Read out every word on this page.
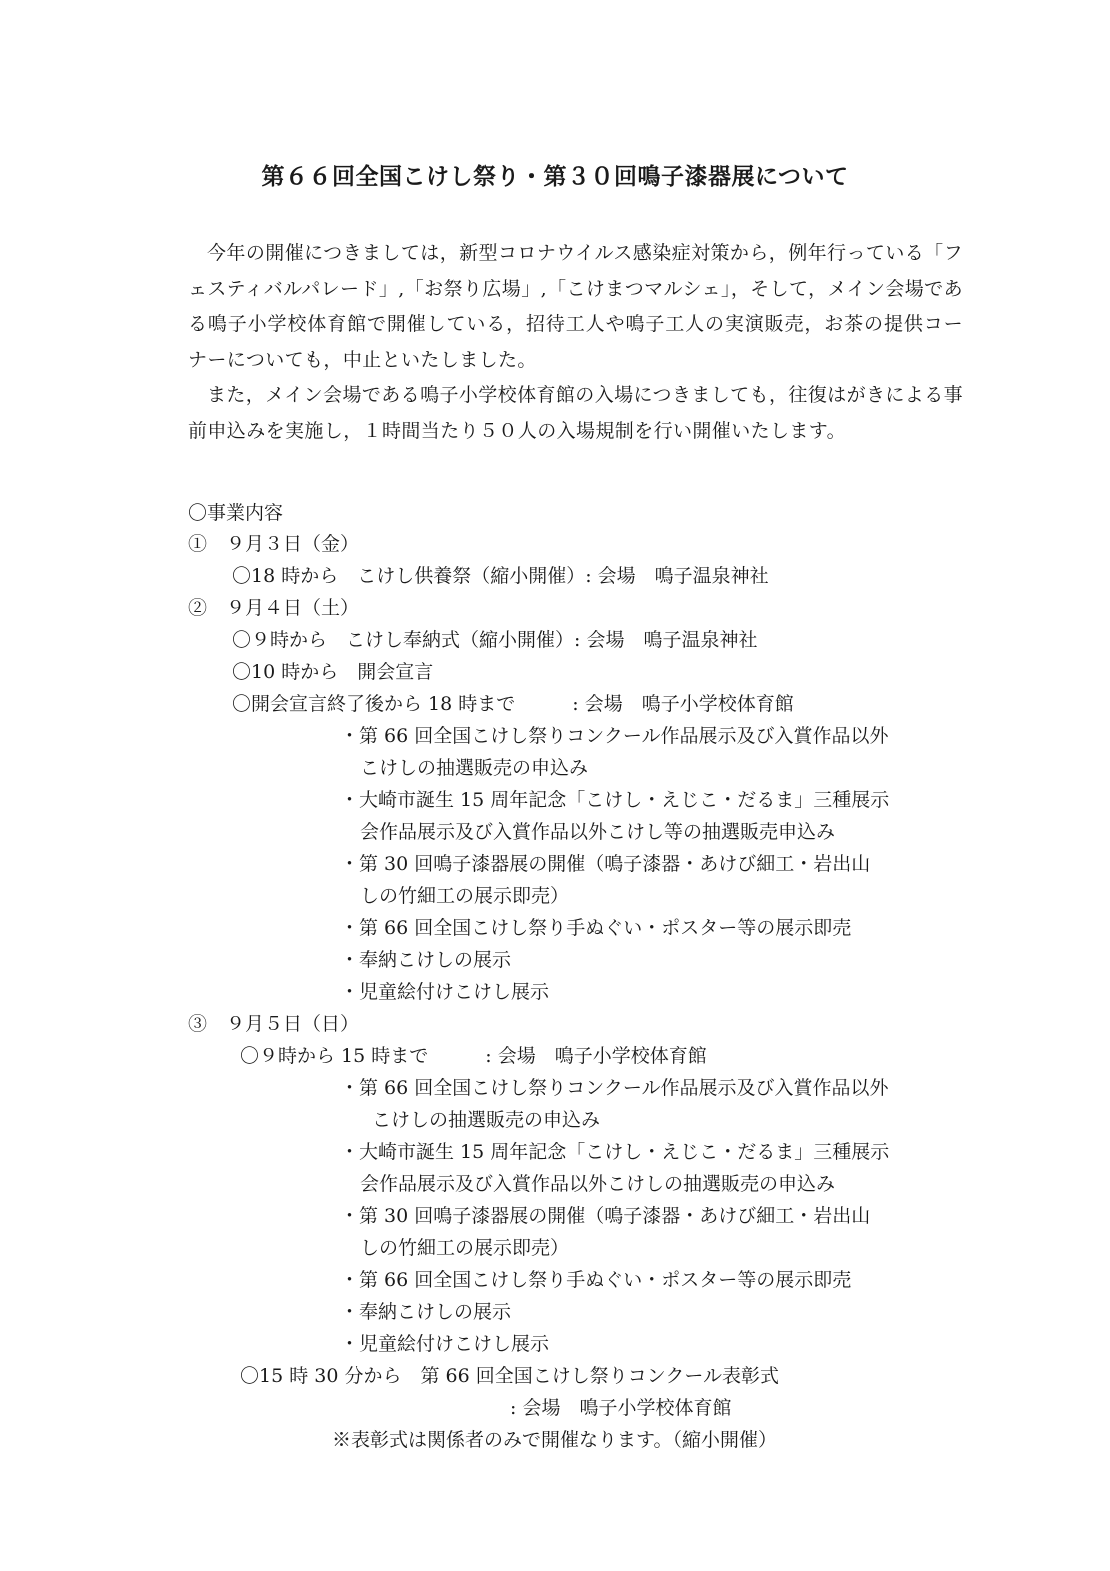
第６６回全国こけし祭り・第３０回鳴子漆器展について
今年の開催につきましては，新型コロナウイルス感染症対策から，例年行っている「フェスティバルパレード」,「お祭り広場」,「こけまつマルシェ」，そして，メイン会場である鳴子小学校体育館で開催している，招待工人や鳴子工人の実演販売，お茶の提供コーナーについても，中止といたしました。
また，メイン会場である鳴子小学校体育館の入場につきましても，往復はがきによる事前申込みを実施し，１時間当たり５０人の入場規制を行い開催いたします。
〇事業内容
①　９月３日（金）
〇18 時から　こけし供養祭（縮小開催）: 会場　鳴子温泉神社
②　９月４日（土）
〇９時から　こけし奉納式（縮小開催）: 会場　鳴子温泉神社
〇10 時から　開会宣言
〇開会宣言終了後から 18 時まで　　　: 会場　鳴子小学校体育館
・第 66 回全国こけし祭りコンクール作品展示及び入賞作品以外
こけしの抽選販売の申込み
・大崎市誕生 15 周年記念「こけし・えじこ・だるま」三種展示
会作品展示及び入賞作品以外こけし等の抽選販売申込み
・第 30 回鳴子漆器展の開催（鳴子漆器・あけび細工・岩出山
しの竹細工の展示即売）
・第 66 回全国こけし祭り手ぬぐい・ポスター等の展示即売
・奉納こけしの展示
・児童絵付けこけし展示
③　９月５日（日）
〇９時から 15 時まで　　　: 会場　鳴子小学校体育館
・第 66 回全国こけし祭りコンクール作品展示及び入賞作品以外
こけしの抽選販売の申込み
・大崎市誕生 15 周年記念「こけし・えじこ・だるま」三種展示
会作品展示及び入賞作品以外こけしの抽選販売の申込み
・第 30 回鳴子漆器展の開催（鳴子漆器・あけび細工・岩出山
しの竹細工の展示即売）
・第 66 回全国こけし祭り手ぬぐい・ポスター等の展示即売
・奉納こけしの展示
・児童絵付けこけし展示
〇15 時 30 分から　第 66 回全国こけし祭りコンクール表彰式
: 会場　鳴子小学校体育館
※表彰式は関係者のみで開催なります。（縮小開催）
